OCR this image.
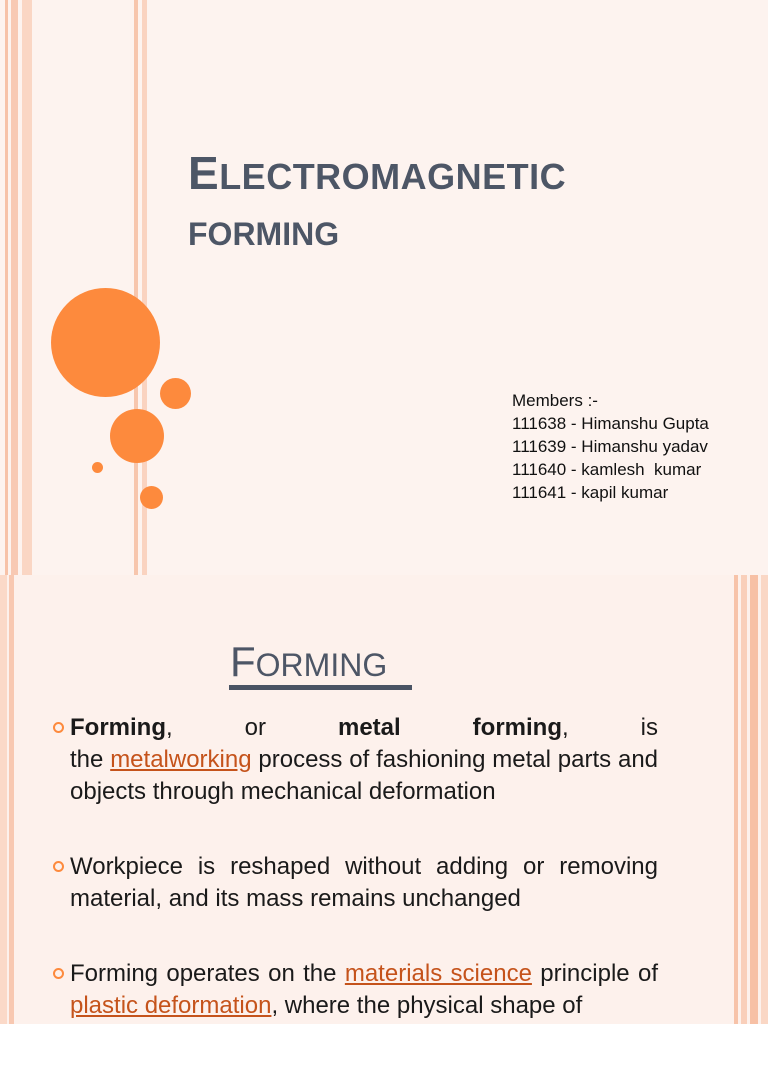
ELECTROMAGNETIC
FORMING
Members :-
111638 - Himanshu Gupta
111639 - Himanshu yadav
111640 - kamlesh  kumar
111641 - kapil kumar
FORMING
Forming,	or	metal	forming,	is

the metalworking process of fashioning metal parts and objects through mechanical deformation

Workpiece is reshaped without adding or removing material, and its mass remains unchanged

Forming operates on the materials science principle of plastic deformation, where the physical shape of
